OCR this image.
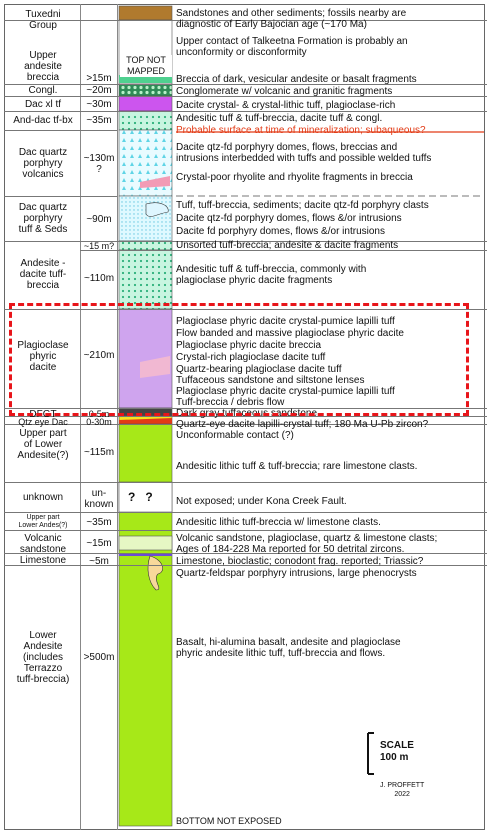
Tuxedni
Group
Upper
andesite
breccia
Congl.
Dac xl tf
And-dac tf-bx
Dac quartz
porphyry
volcanics
Dac quartz
porphyry
tuff & Seds
Andesite -
dacite tuff-
breccia
Plagioclase
phyric
dacite
DFGT
Qtz eye Dac
Upper part
of Lower
Andesite(?)
unknown
Upper part
Lower Andes(?)
Volcanic
sandstone
Limestone
Lower
Andesite
(includes
Terrazzo
tuff-breccia)
>15m
~20m
~30m
~35m
~130m
?
~90m
~15 m?
~110m
~210m
0-5m
0-30m
~115m
un-
known
~35m
~15m
~5m
>500m
TOP NOT
MAPPED
?   ?
BOTTOM NOT EXPOSED
Sandstones and other sediments; fossils nearby are
diagnostic of Early Bajocian age (~170 Ma)
Upper contact of Talkeetna Formation is probably an
unconformity or disconformity
Breccia of dark, vesicular andesite or basalt fragments
Conglomerate w/ volcanic and granitic fragments
Dacite crystal- & crystal-lithic tuff, plagioclase-rich
Andesitic tuff & tuff-breccia, dacite tuff & congl.
Probable surface at time of mineralization; subaqueous?
Dacite qtz-fd porphyry domes, flows, breccias and
intrusions interbedded with tuffs and possible welded tuffs
Crystal-poor rhyolite and rhyolite fragments in breccia
Tuff, tuff-breccia, sediments; dacite qtz-fd porphyry clasts
Dacite qtz-fd porphyry domes, flows &/or intrusions
Dacite fd porphyry domes, flows &/or intrusions
Unsorted tuff-breccia; andesite & dacite fragments
Andesitic tuff & tuff-breccia, commonly with
plagioclase phyric dacite fragments
Plagioclase phyric dacite crystal-pumice lapilli tuff
Flow banded and massive plagioclase phyric dacite
Plagioclase phyric dacite breccia
Crystal-rich plagioclase dacite tuff
Quartz-bearing plagioclase dacite tuff
Tuffaceous sandstone and siltstone lenses
Plagioclase phyric dacite crystal-pumice lapilli tuff
Tuff-breccia / debris flow
Dark gray tuffaceous sandstone
Quartz-eye dacite lapilli-crystal tuff; 180 Ma U-Pb zircon?
Unconformable contact (?)
Andesitic lithic tuff & tuff-breccia; rare limestone clasts.
Not exposed; under Kona Creek Fault.
Andesitic lithic tuff-breccia w/ limestone clasts.
Volcanic sandstone, plagioclase, quartz & limestone clasts;
Ages of 184-228 Ma reported for 50 detrital zircons.
Limestone, bioclastic; conodont frag. reported; Triassic?
Quartz-feldspar porphyry intrusions, large phenocrysts
Basalt, hi-alumina basalt, andesite and plagioclase
phyric andesite lithic tuff, tuff-breccia and flows.
SCALE
100 m
J. PROFFETT
2022
